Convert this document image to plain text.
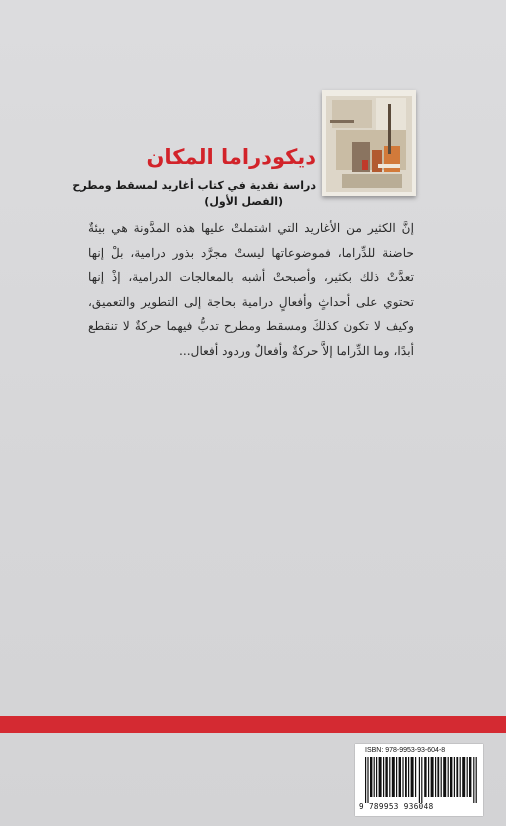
ديكودراما المكان
دراسة نقدية في كتاب أغاريد لمسقط ومطرح
(الفصل الأول)
إنَّ الكثير من الأغاريد التي اشتملتْ عليها هذه المدَّونة هي بيئةٌ حاضنة للدِّراما، فموضوعاتها ليستْ مجرَّد بذور درامية، بلْ إنها تعدَّتْ ذلك بكثير، وأصبحتْ أشبه بالمعالجات الدرامية، إذْ إنها تحتوي على أحداثٍ وأفعالٍ درامية بحاجة إلى التطوير والتعميق، وكيف لا تكون كذلكَ ومسقط ومطرح تدبُّ فيهما حركةٌ لا تنقطع أبدًا، وما الدِّراما إلاَّ حركةٌ وأفعالٌ وردود أفعال...
ISBN: 978-9953-93-604-8
9 789953 936048
